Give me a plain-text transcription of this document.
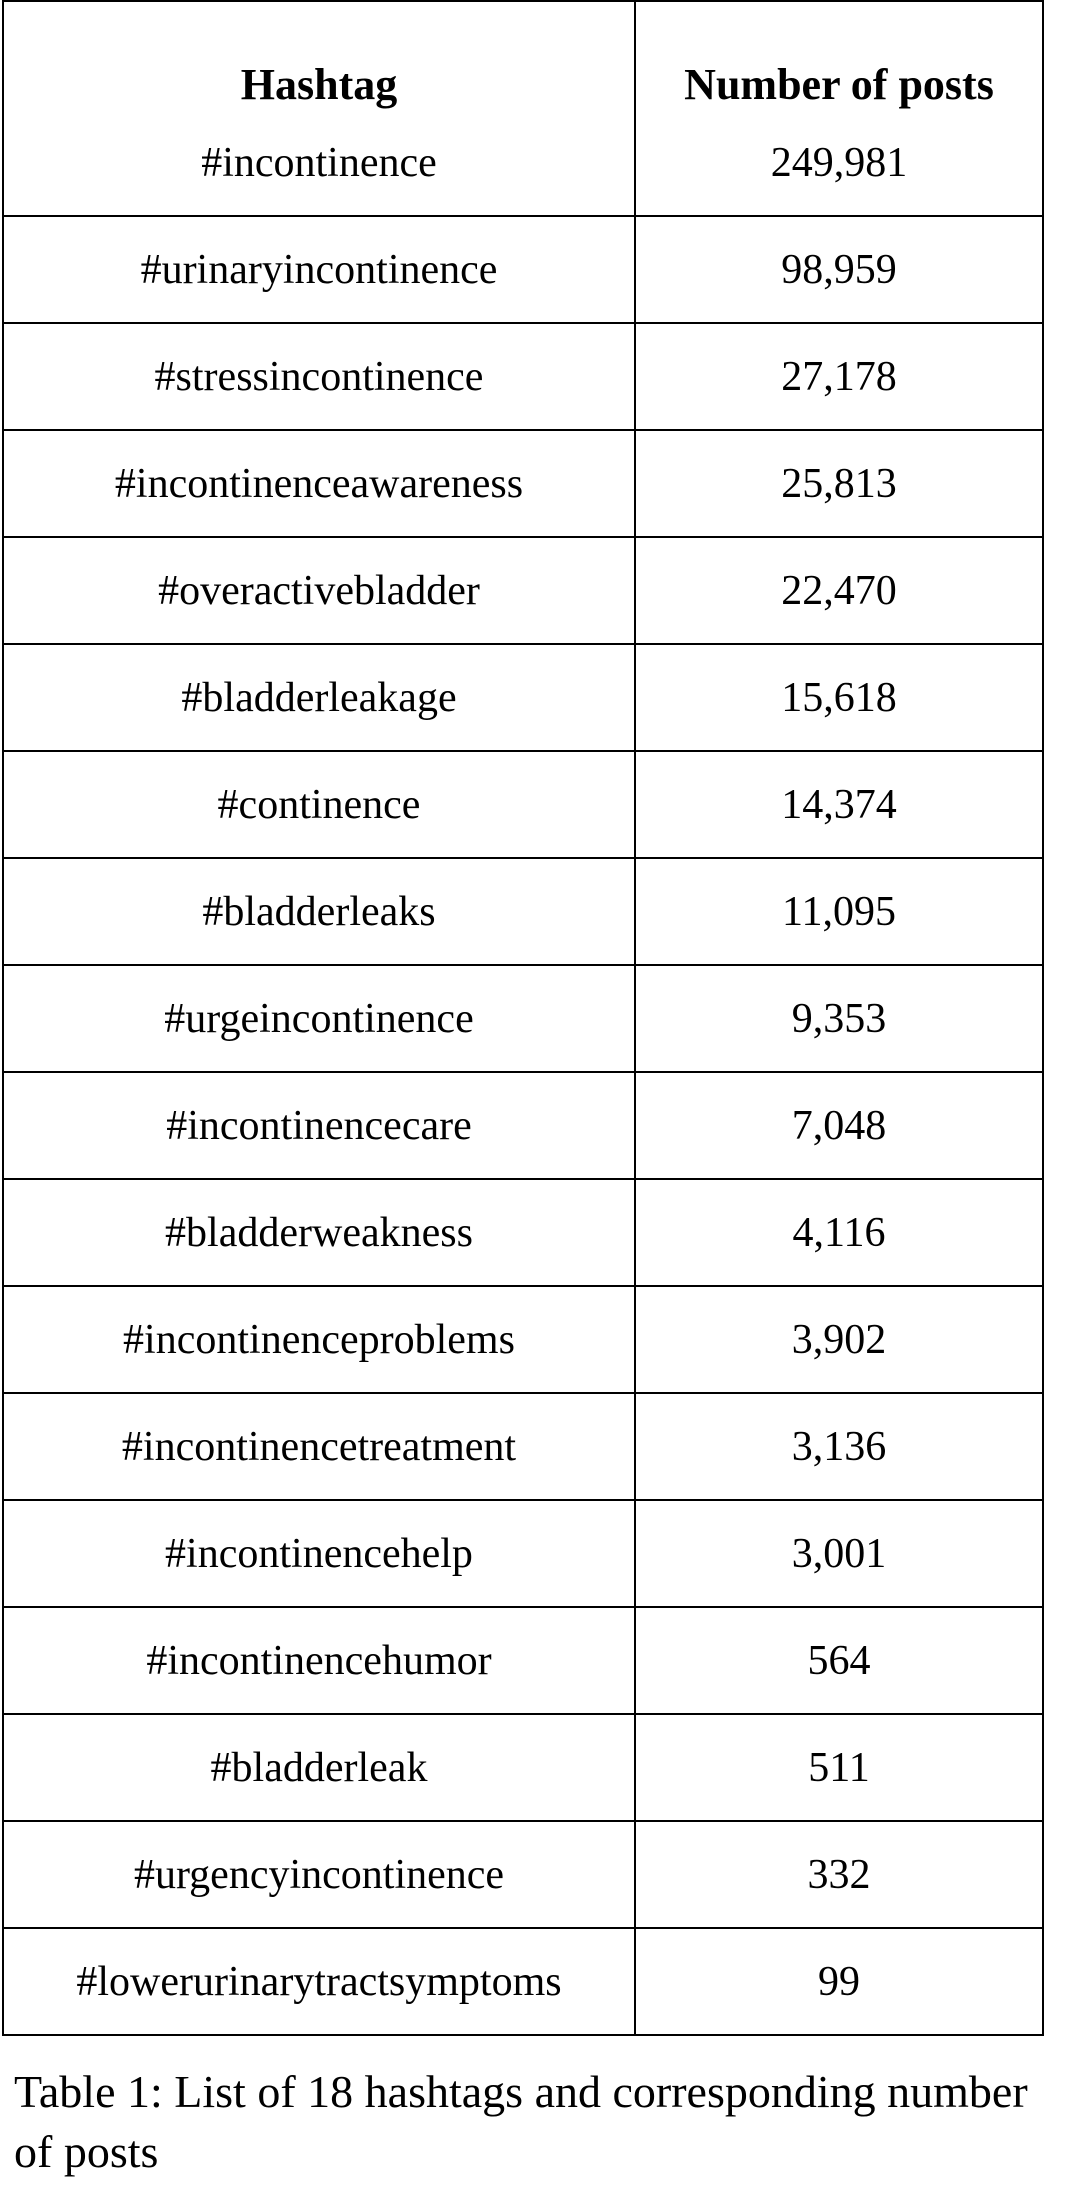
Hashtag	Number of posts
#incontinence	249,981
#urinaryincontinence	98,959
#stressincontinence	27,178
#incontinenceawareness	25,813
#overactivebladder	22,470
#bladderleakage	15,618
#continence	14,374
#bladderleaks	11,095
#urgeincontinence	9,353
#incontinencecare	7,048
#bladderweakness	4,116
#incontinenceproblems	3,902
#incontinencetreatment	3,136
#incontinencehelp	3,001
#incontinencehumor	564
#bladderleak	511
#urgencyincontinence	332
#lowerurinarytractsymptoms	99
Table 1: List of 18 hashtags and corresponding number of posts
